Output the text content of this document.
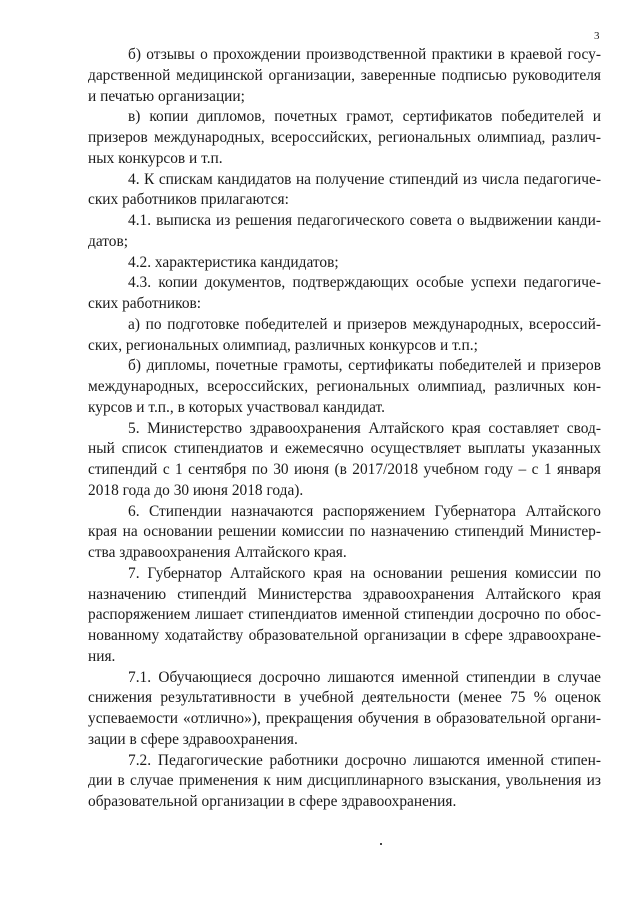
3
б) отзывы о прохождении производственной практики в краевой госу-
дарственной медицинской организации, заверенные подписью руководителя
и печатью организации;
в) копии дипломов, почетных грамот, сертификатов победителей и
призеров международных, всероссийских, региональных олимпиад, различ-
ных конкурсов и т.п.
4. К спискам кандидатов на получение стипендий из числа педагогиче-
ских работников прилагаются:
4.1. выписка из решения педагогического совета о выдвижении канди-
датов;
4.2. характеристика кандидатов;
4.3. копии документов, подтверждающих особые успехи педагогиче-
ских работников:
а) по подготовке победителей и призеров международных, всероссий-
ских, региональных олимпиад, различных конкурсов и т.п.;
б) дипломы, почетные грамоты, сертификаты победителей и призеров
международных, всероссийских, региональных олимпиад, различных кон-
курсов и т.п., в которых участвовал кандидат.
5. Министерство здравоохранения Алтайского края составляет свод-
ный список стипендиатов и ежемесячно осуществляет выплаты указанных
стипендий с 1 сентября по 30 июня (в 2017/2018 учебном году – с 1 января
2018 года до 30 июня 2018 года).
6. Стипендии назначаются распоряжением Губернатора Алтайского
края на основании решении комиссии по назначению стипендий Министер-
ства здравоохранения Алтайского края.
7. Губернатор Алтайского края на основании решения комиссии по
назначению стипендий Министерства здравоохранения Алтайского края
распоряжением лишает стипендиатов именной стипендии досрочно по обос-
нованному ходатайству образовательной организации в сфере здравоохране-
ния.
7.1. Обучающиеся досрочно лишаются именной стипендии в случае
снижения результативности в учебной деятельности (менее 75 % оценок
успеваемости «отлично»), прекращения обучения в образовательной органи-
зации в сфере здравоохранения.
7.2. Педагогические работники досрочно лишаются именной стипен-
дии в случае применения к ним дисциплинарного взыскания, увольнения из
образовательной организации в сфере здравоохранения.
